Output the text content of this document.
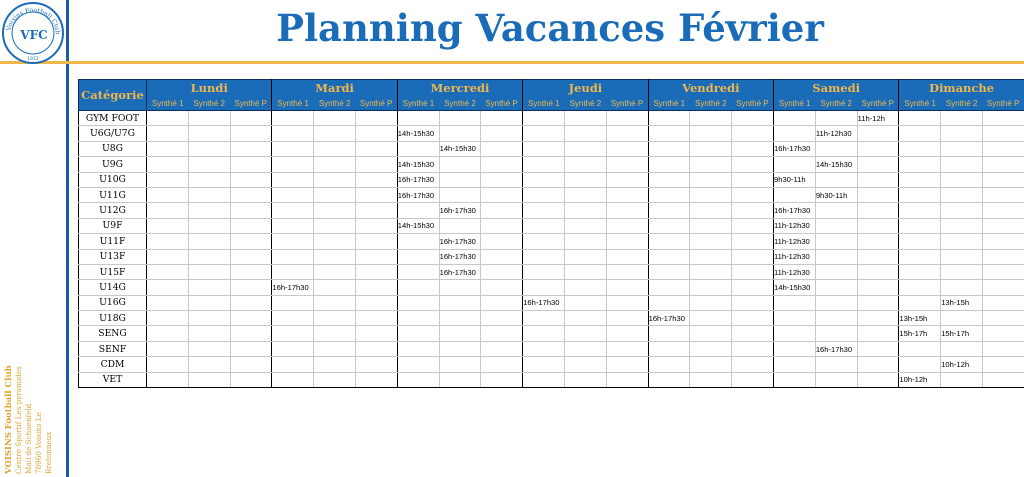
Voisins Football Club
VFC
1972
Planning Vacances Février
VOISINS Football Club Centre Sportif Les pyramides Mail de Schoenfeld 78960 Voisins Le Bretonneux
Catégorie	Lundi			Mardi			Mercredi			Jeudi			Vendredi			Samedi			Dimanche		
	Synthé 1	Synthé 2	Synthé P	Synthé 1	Synthé 2	Synthé P	Synthé 1	Synthé 2	Synthé P	Synthé 1	Synthé 2	Synthé P	Synthé 1	Synthé 2	Synthé P	Synthé 1	Synthé 2	Synthé P	Synthé 1	Synthé 2	Synthé P
GYM FOOT																		11h-12h			
U6G/U7G							14h-15h30										11h-12h30				
U8G								14h-15h30								16h-17h30					
U9G							14h-15h30										14h-15h30				
U10G							16h-17h30									9h30-11h					
U11G							16h-17h30										9h30-11h				
U12G								16h-17h30								16h-17h30					
U9F							14h-15h30									11h-12h30					
U11F								16h-17h30								11h-12h30					
U13F								16h-17h30								11h-12h30					
U15F								16h-17h30								11h-12h30					
U14G				16h-17h30												14h-15h30					
U16G										16h-17h30										13h-15h	
U18G													16h-17h30						13h-15h		
SENG																			15h-17h	15h-17h	
SENF																	16h-17h30				
CDM																				10h-12h	
VET																			10h-12h		
